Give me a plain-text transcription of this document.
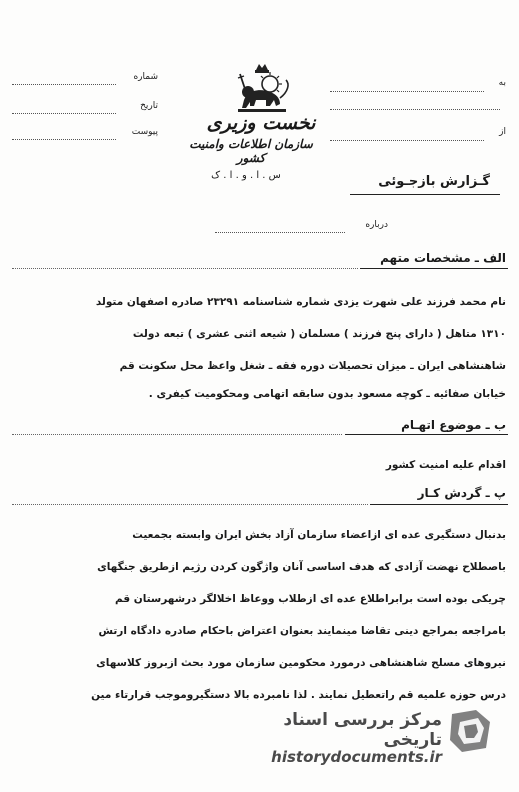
شماره
تاریخ
پیوست
به
از
نخست وزیری
سازمان اطلاعات وامنیت کشور
س . ا . و . ا . ک	گـزارش بازجـوئی
درباره
الف ـ مشخصات متهم
نام محمد فرزند علی شهرت یزدی شماره شناسنامه ۲۳۲۹۱ صادره اصفهان متولد
۱۳۱۰ متاهل ( دارای پنج فرزند ) مسلمان ( شیعه اثنی عشری ) تبعه دولت
شاهنشاهی ایران ـ میزان تحصیلات دوره فقه ـ شغل واعظ محل سکونت قم
خیابان صفائیه ـ کوچه مسعود بدون سابقه اتهامی ومحکومیت کیفری .
ب ـ موضوع اتهـام
اقدام علیه امنیت کشور
پ ـ گردش کـار
بدنبال دستگیری عده ای ازاعضاء سازمان آزاد بخش ایران وابسته بجمعیت
باصطلاح نهضت آزادی که هدف اساسی آنان واژگون کردن رژیم ازطریق جنگهای
چریکی بوده است برابراطلاع عده ای ازطلاب ووعاظ اخلالگر درشهرستان قم
بامراجعه بمراجع دینی تقاضا مینمایند بعنوان اعتراض باحکام صادره دادگاه ارتش
نیروهای مسلح شاهنشاهی درمورد محکومین سازمان مورد بحث ازبروز کلاسهای
درس حوزه علمیه قم راتعطیل نمایند . لذا نامبرده بالا دستگیروموجب قرارتاء مین
مرکز بررسی اسناد تاریخی
historydocuments.ir
